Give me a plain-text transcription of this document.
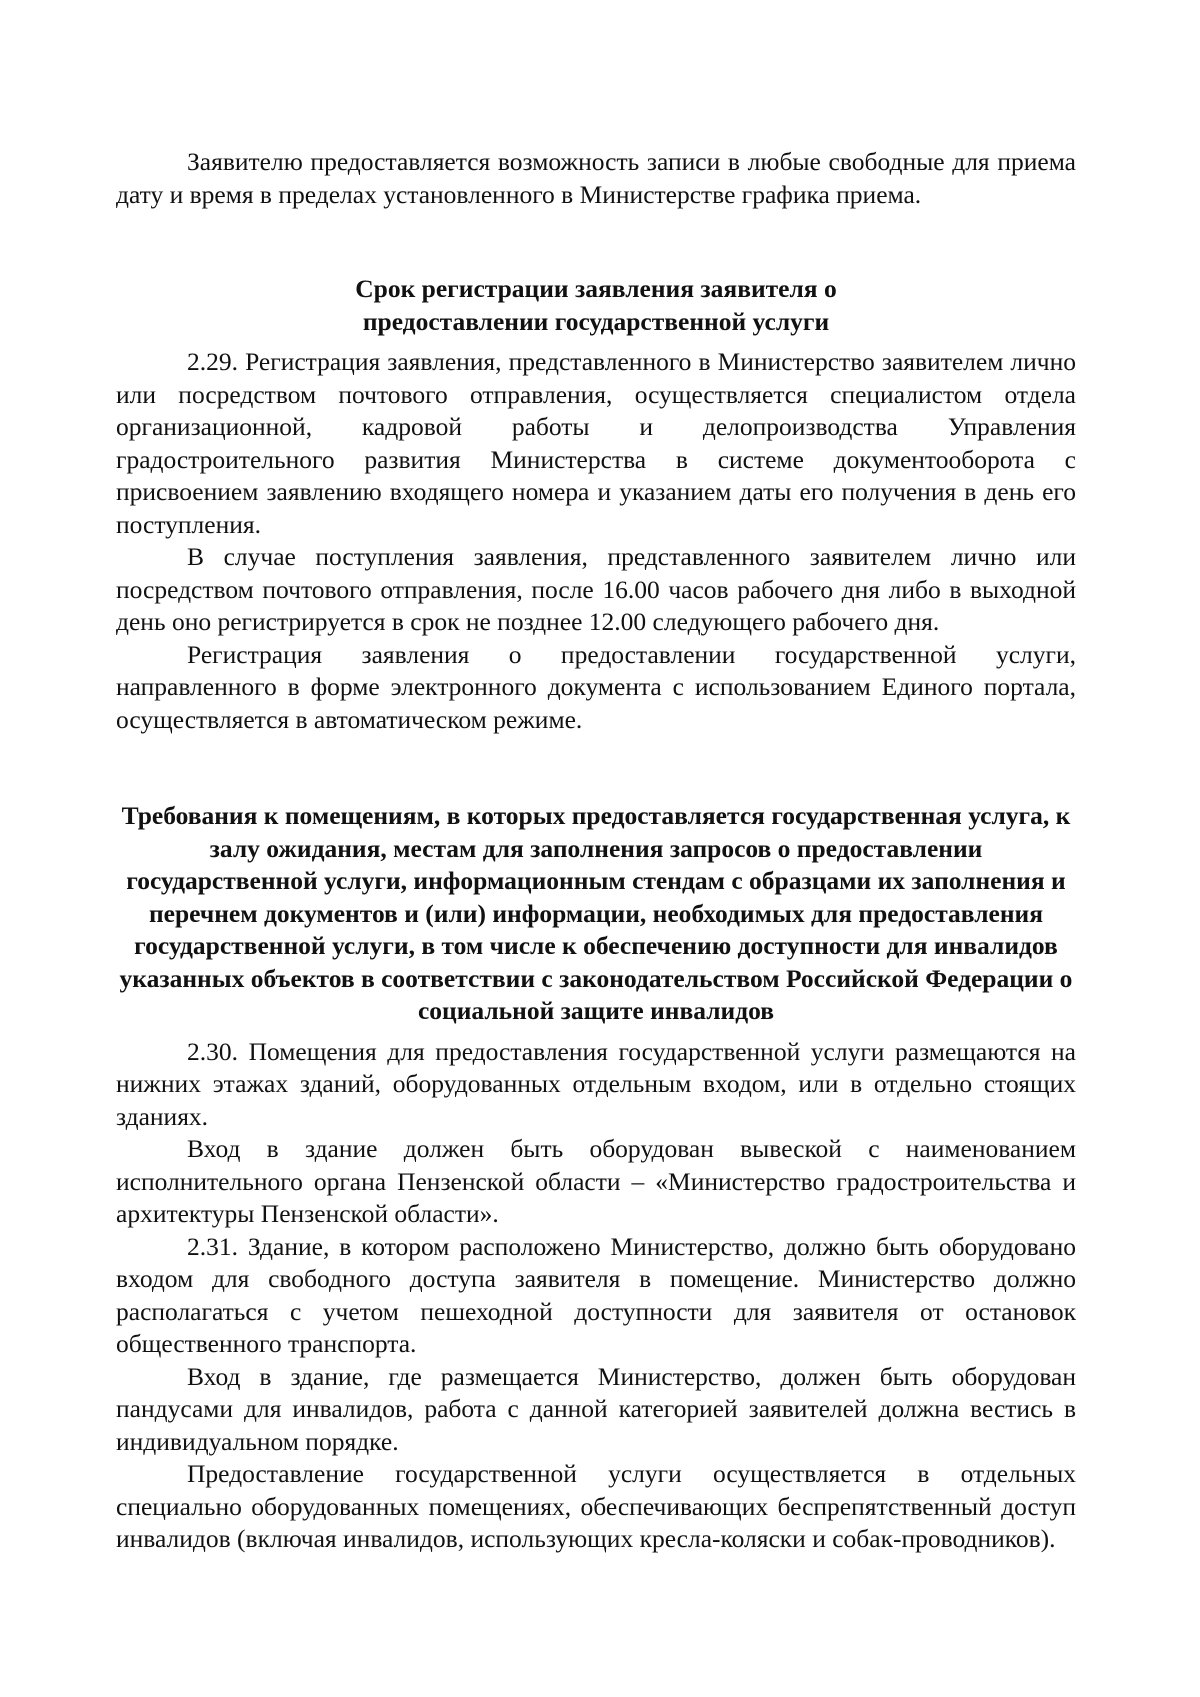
Заявителю предоставляется возможность записи в любые свободные для приема дату и время в пределах установленного в Министерстве графика приема.

Срок регистрации заявления заявителя о предоставлении государственной услуги

2.29. Регистрация заявления, представленного в Министерство заявителем лично или посредством почтового отправления, осуществляется специалистом отдела организационной, кадровой работы и делопроизводства Управления градостроительного развития Министерства в системе документооборота с присвоением заявлению входящего номера и указанием даты его получения в день его поступления.

В случае поступления заявления, представленного заявителем лично или посредством почтового отправления, после 16.00 часов рабочего дня либо в выходной день оно регистрируется в срок не позднее 12.00 следующего рабочего дня.

Регистрация заявления о предоставлении государственной услуги, направленного в форме электронного документа с использованием Единого портала, осуществляется в автоматическом режиме.

Требования к помещениям, в которых предоставляется государственная услуга, к залу ожидания, местам для заполнения запросов о предоставлении государственной услуги, информационным стендам с образцами их заполнения и перечнем документов и (или) информации, необходимых для предоставления государственной услуги, в том числе к обеспечению доступности для инвалидов указанных объектов в соответствии с законодательством Российской Федерации о социальной защите инвалидов

2.30. Помещения для предоставления государственной услуги размещаются на нижних этажах зданий, оборудованных отдельным входом, или в отдельно стоящих зданиях.

Вход в здание должен быть оборудован вывеской с наименованием исполнительного органа Пензенской области – «Министерство градостроительства и архитектуры Пензенской области».

2.31. Здание, в котором расположено Министерство, должно быть оборудовано входом для свободного доступа заявителя в помещение. Министерство должно располагаться с учетом пешеходной доступности для заявителя от остановок общественного транспорта.

Вход в здание, где размещается Министерство, должен быть оборудован пандусами для инвалидов, работа с данной категорией заявителей должна вестись в индивидуальном порядке.

Предоставление государственной услуги осуществляется в отдельных специально оборудованных помещениях, обеспечивающих беспрепятственный доступ инвалидов (включая инвалидов, использующих кресла-коляски и собак-проводников).
